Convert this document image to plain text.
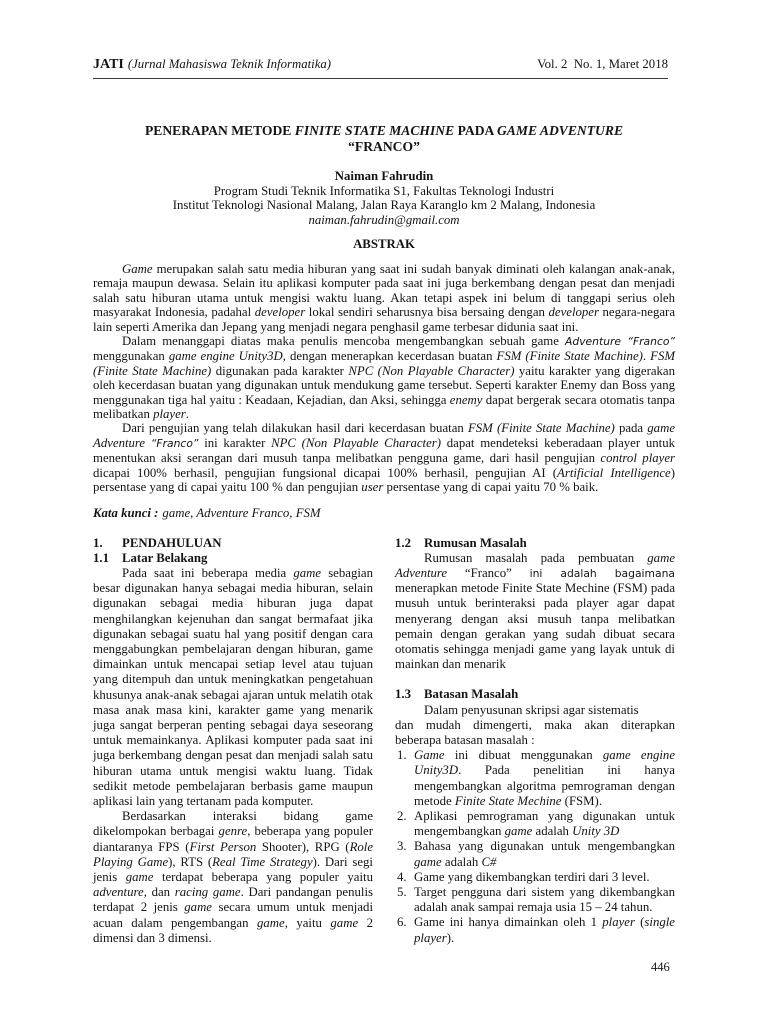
JATI (Jurnal Mahasiswa Teknik Informatika)	Vol. 2  No. 1, Maret 2018
PENERAPAN METODE FINITE STATE MACHINE PADA GAME ADVENTURE
“FRANCO”
Naiman Fahrudin
Program Studi Teknik Informatika S1, Fakultas Teknologi Industri
Institut Teknologi Nasional Malang, Jalan Raya Karanglo km 2 Malang, Indonesia
naiman.fahrudin@gmail.com
ABSTRAK

Game merupakan salah satu media hiburan yang saat ini sudah banyak diminati oleh kalangan anak-anak, remaja maupun dewasa. Selain itu aplikasi komputer pada saat ini juga berkembang dengan pesat dan menjadi salah satu hiburan utama untuk mengisi waktu luang. Akan tetapi aspek ini belum di tanggapi serius oleh masyarakat Indonesia, padahal developer lokal sendiri seharusnya bisa bersaing dengan developer negara-negara lain seperti Amerika dan Jepang yang menjadi negara penghasil game terbesar didunia saat ini.

Dalam menanggapi diatas maka penulis mencoba mengembangkan sebuah game Adventure “Franco” menggunakan game engine Unity3D, dengan menerapkan kecerdasan buatan FSM (Finite State Machine). FSM (Finite State Machine) digunakan pada karakter NPC (Non Playable Character) yaitu karakter yang digerakan oleh kecerdasan buatan yang digunakan untuk mendukung game tersebut. Seperti karakter Enemy dan Boss yang menggunakan tiga hal yaitu : Keadaan, Kejadian, dan Aksi, sehingga enemy dapat bergerak secara otomatis tanpa melibatkan player.

Dari pengujian yang telah dilakukan hasil dari kecerdasan buatan FSM (Finite State Machine) pada game Adventure “Franco” ini karakter NPC (Non Playable Character) dapat mendeteksi keberadaan player untuk menentukan aksi serangan dari musuh tanpa melibatkan pengguna game, dari hasil pengujian control player dicapai 100% berhasil, pengujian fungsional dicapai 100% berhasil, pengujian AI (Artificial Intelligence) persentase yang di capai yaitu 100 % dan pengujian user persentase yang di capai yaitu 70 % baik.

Kata kunci : game, Adventure Franco, FSM
1.	PENDAHULUAN
1.1	Latar Belakang

Pada saat ini beberapa media game sebagian besar digunakan hanya sebagai media hiburan, selain digunakan sebagai media hiburan juga dapat menghilangkan kejenuhan dan sangat bermafaat jika digunakan sebagai suatu hal yang positif dengan cara menggabungkan pembelajaran dengan hiburan, game dimainkan untuk mencapai setiap level atau tujuan yang ditempuh dan untuk meningkatkan pengetahuan khusunya anak-anak sebagai ajaran untuk melatih otak masa anak masa kini, karakter game yang menarik juga sangat berperan penting sebagai daya seseorang untuk memainkanya. Aplikasi komputer pada saat ini juga berkembang dengan pesat dan menjadi salah satu hiburan utama untuk mengisi waktu luang. Tidak sedikit metode pembelajaran berbasis game maupun aplikasi lain yang tertanam pada komputer.

Berdasarkan interaksi bidang game dikelompokan berbagai genre, beberapa yang populer diantaranya FPS (First Person Shooter), RPG (Role Playing Game), RTS (Real Time Strategy). Dari segi jenis game terdapat beberapa yang populer yaitu adventure, dan racing game. Dari pandangan penulis terdapat 2 jenis game secara umum untuk menjadi acuan dalam pengembangan game, yaitu game 2 dimensi dan 3 dimensi.

1.2	Rumusan Masalah

Rumusan masalah pada pembuatan game Adventure “Franco” ini adalah bagaimana menerapkan metode Finite State Mechine (FSM) pada musuh untuk berinteraksi pada player agar dapat menyerang dengan aksi musuh tanpa melibatkan pemain dengan gerakan yang sudah dibuat secara otomatis sehingga menjadi game yang layak untuk di mainkan dan menarik

1.3	Batasan Masalah

Dalam penyusunan skripsi agar sistematis
dan mudah dimengerti, maka akan diterapkan beberapa batasan masalah :

1. Game ini dibuat menggunakan game engine Unity3D. Pada penelitian ini hanya mengembangkan algoritma pemrograman dengan metode Finite State Mechine (FSM).
2. Aplikasi pemrograman yang digunakan untuk mengembangkan game adalah Unity 3D
3. Bahasa yang digunakan untuk mengembangkan game adalah C#
4. Game yang dikembangkan terdiri dari 3 level.
5. Target pengguna dari sistem yang dikembangkan adalah anak sampai remaja usia 15 – 24 tahun.
6. Game ini hanya dimainkan oleh 1 player (single player).
446
